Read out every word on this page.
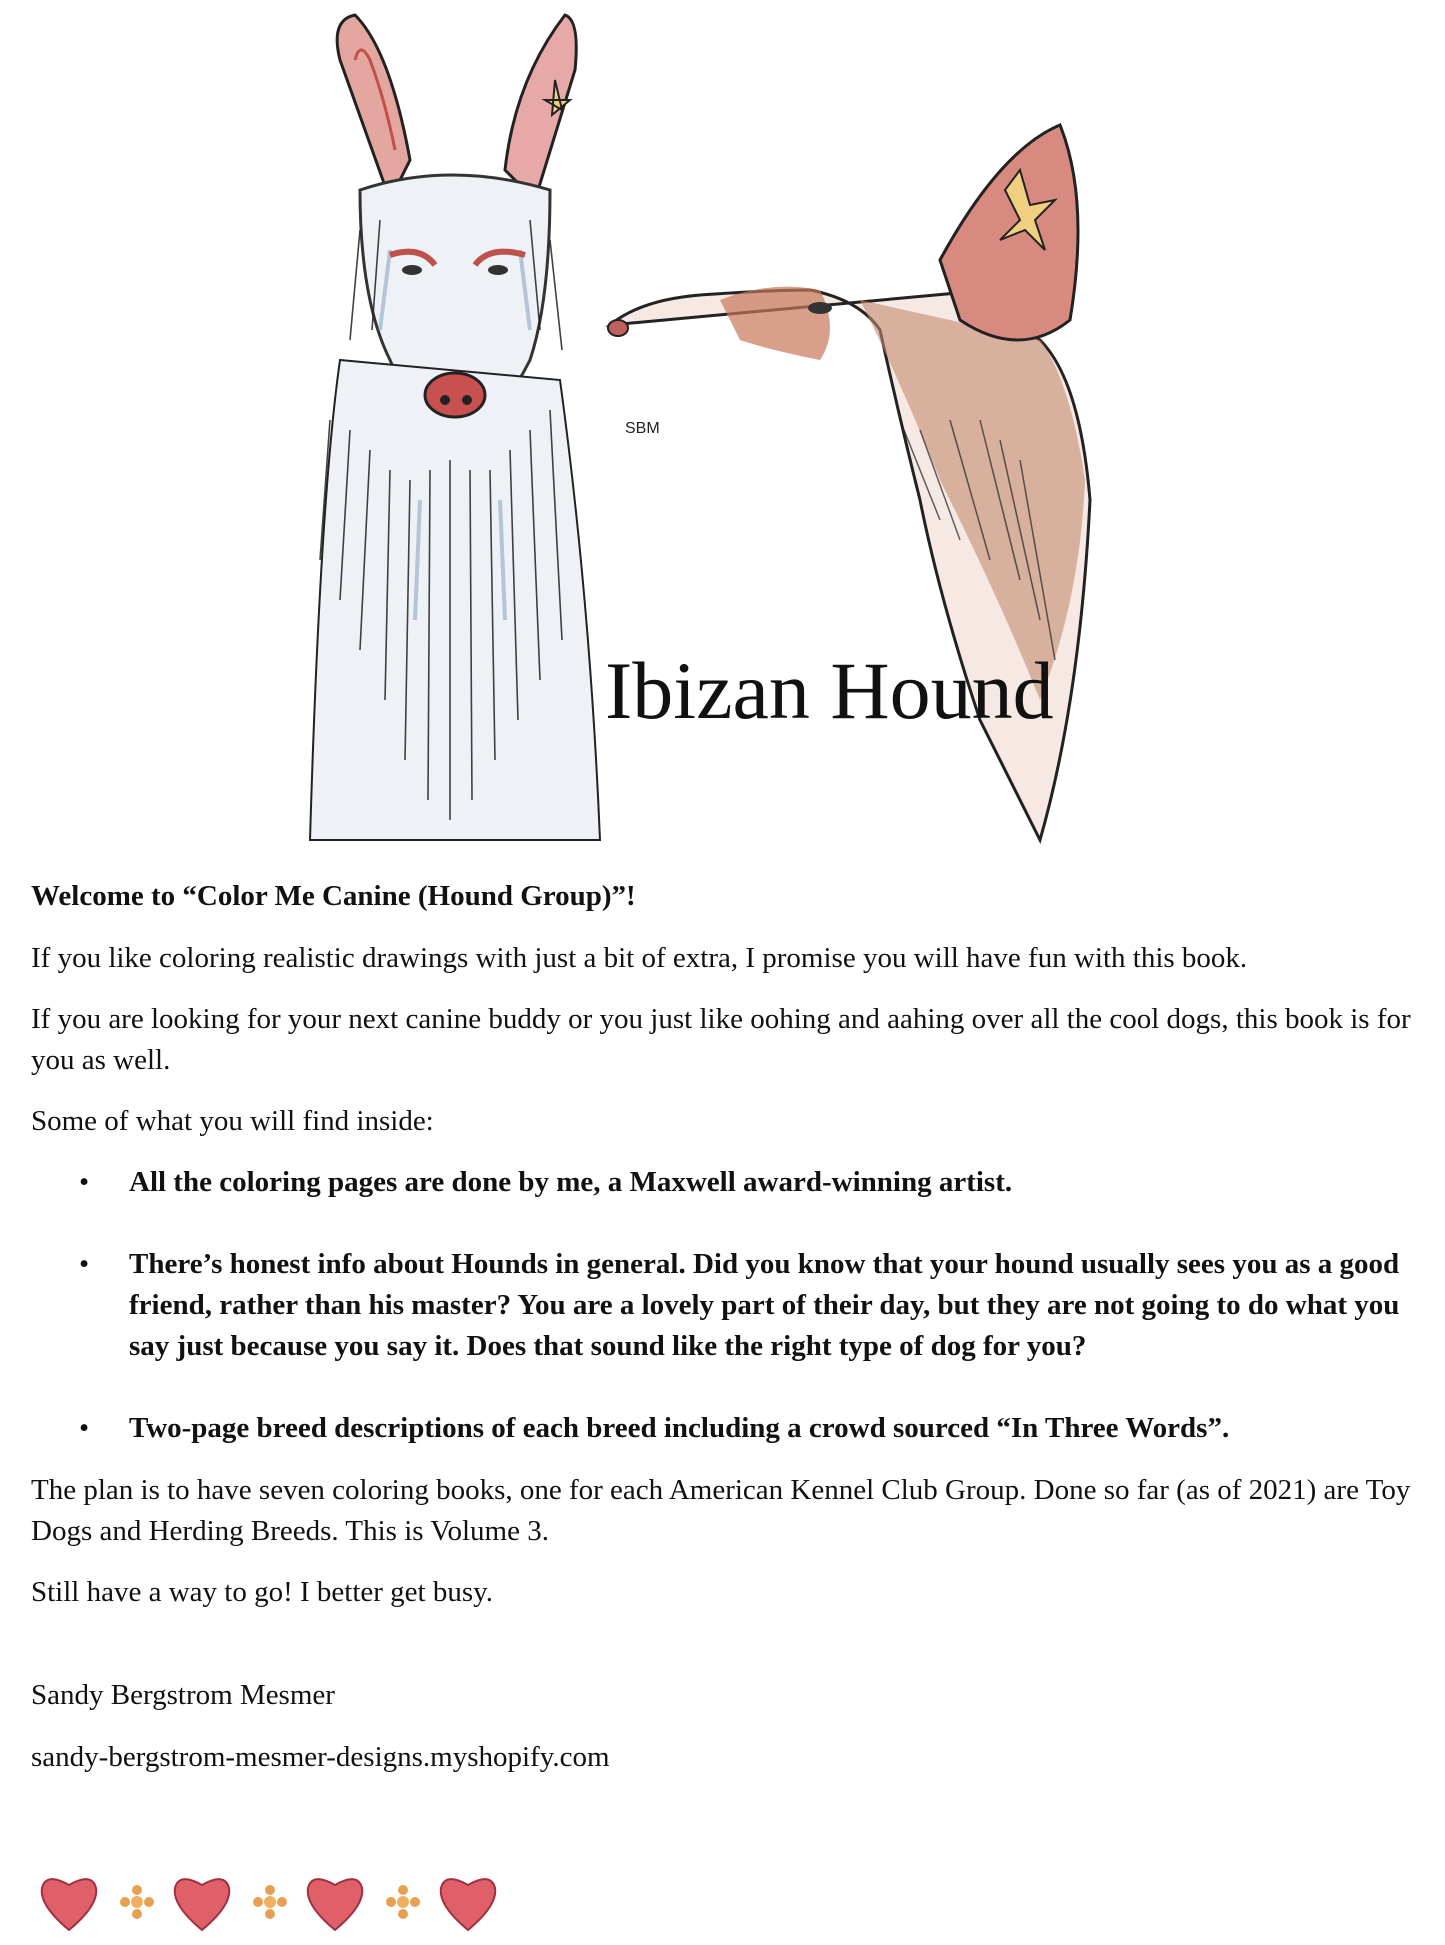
SBM
Ibizan Hound

Welcome to “Color Me Canine (Hound Group)”!

If you like coloring realistic drawings with just a bit of extra, I promise you will have fun with this book.

If you are looking for your next canine buddy or you just like oohing and aahing over all the cool dogs, this book is for you as well.

Some of what you will find inside:

• All the coloring pages are done by me, a Maxwell award-winning artist.
• There’s honest info about Hounds in general. Did you know that your hound usually sees you as a good friend, rather than his master? You are a lovely part of their day, but they are not going to do what you say just because you say it. Does that sound like the right type of dog for you?
• Two-page breed descriptions of each breed including a crowd sourced “In Three Words”.

The plan is to have seven coloring books, one for each American Kennel Club Group. Done so far (as of 2021) are Toy Dogs and Herding Breeds. This is Volume 3.

Still have a way to go! I better get busy.

Sandy Bergstrom Mesmer

sandy-bergstrom-mesmer-designs.myshopify.com
